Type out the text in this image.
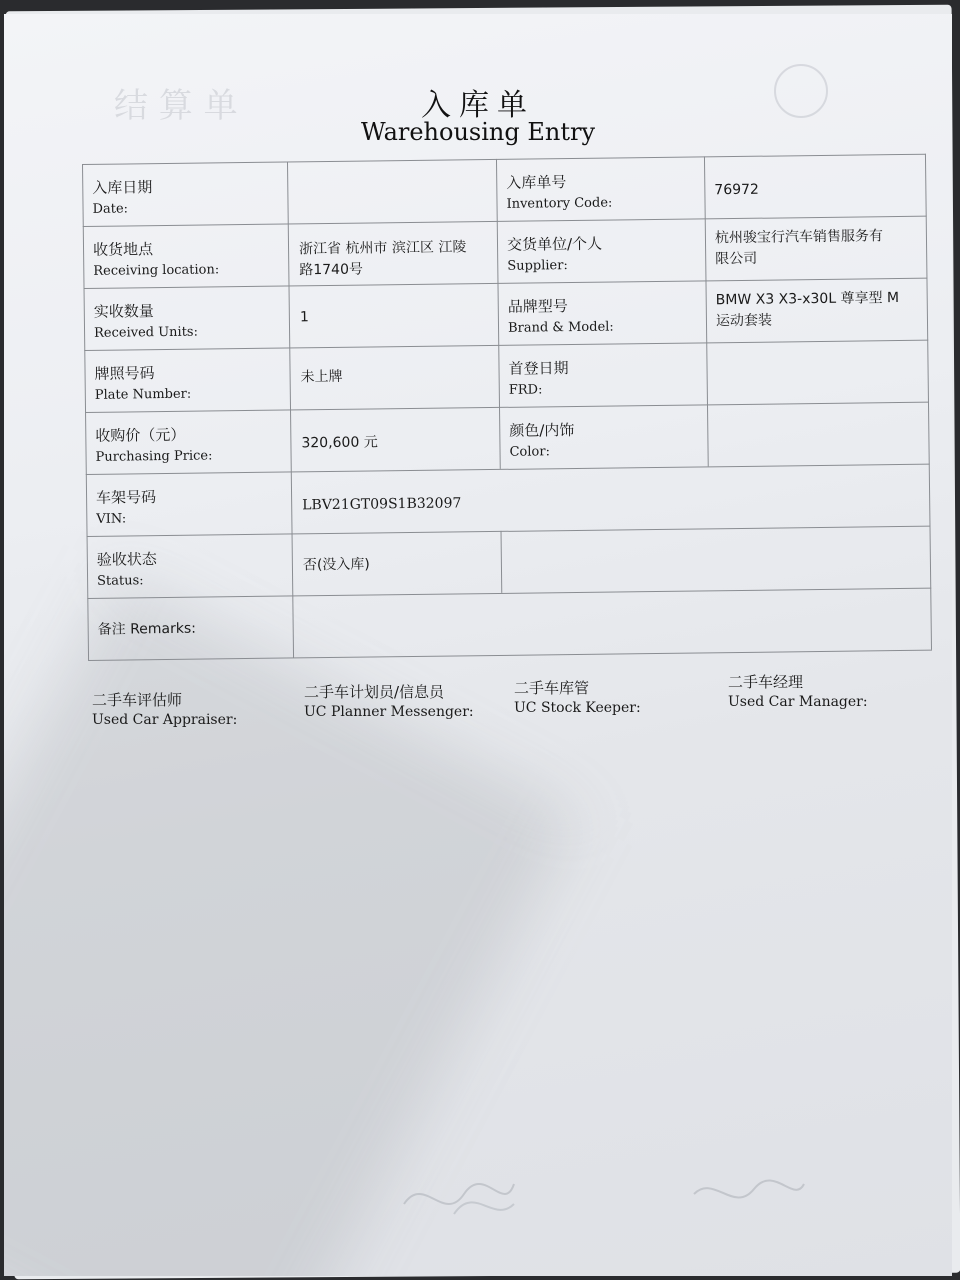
结 算 单	入库单
Warehousing Entry
入库日期
Date:
入库单号
Inventory Code:
76972
收货地点
Receiving location:
浙江省 杭州市 滨江区 江陵
路1740号
交货单位/个人
Supplier:
杭州骏宝行汽车销售服务有
限公司
实收数量
Received Units:
1
品牌型号
Brand & Model:
BMW X3 X3-x30L 尊享型 M
运动套装
牌照号码
Plate Number:
未上牌	首登日期
FRD:
收购价（元）
Purchasing Price:
320,600 元
颜色/内饰
Color:
车架号码
VIN:
LBV21GT09S1B32097
验收状态
Status:
否(没入库)
备注 Remarks:
二手车评估师
Used Car Appraiser:
二手车计划员/信息员
UC Planner Messenger:
二手车库管
UC Stock Keeper:
二手车经理
Used Car Manager:
